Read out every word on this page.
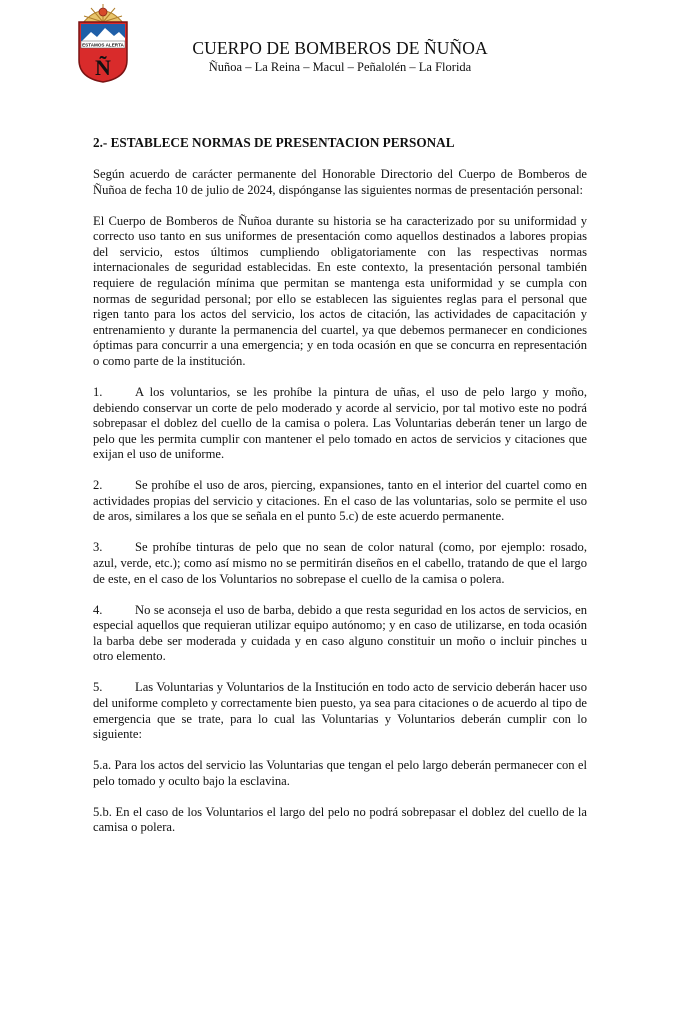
ESTAMOS ALERTA
Ñ
CUERPO DE BOMBEROS DE ÑUÑOA
Ñuñoa – La Reina – Macul – Peñalolén – La Florida
2.- ESTABLECE NORMAS DE PRESENTACION PERSONAL

Según acuerdo de carácter permanente del Honorable Directorio del Cuerpo de Bomberos de Ñuñoa de fecha 10 de julio de 2024, dispónganse las siguientes normas de presentación personal:

El Cuerpo de Bomberos de Ñuñoa durante su historia se ha caracterizado por su uniformidad y correcto uso tanto en sus uniformes de presentación como aquellos destinados a labores propias del servicio, estos últimos cumpliendo obligatoriamente con las respectivas normas internacionales de seguridad establecidas. En este contexto, la presentación personal también requiere de regulación mínima que permitan se mantenga esta uniformidad y se cumpla con normas de seguridad personal; por ello se establecen las siguientes reglas para el personal que rigen tanto para los actos del servicio, los actos de citación, las actividades de capacitación y entrenamiento y durante la permanencia del cuartel, ya que debemos permanecer en condiciones óptimas para concurrir a una emergencia; y en toda ocasión en que se concurra en representación o como parte de la institución.

1.	A los voluntarios, se les prohíbe la pintura de uñas, el uso de pelo largo y moño, debiendo conservar un corte de pelo moderado y acorde al servicio, por tal motivo este no podrá sobrepasar el doblez del cuello de la camisa o polera. Las Voluntarias deberán tener un largo de pelo que les permita cumplir con mantener el pelo tomado en actos de servicios y citaciones que exijan el uso de uniforme.

2.	Se prohíbe el uso de aros, piercing, expansiones, tanto en el interior del cuartel como en actividades propias del servicio y citaciones. En el caso de las voluntarias, solo se permite el uso de aros, similares a los que se señala en el punto 5.c) de este acuerdo permanente.

3.	Se prohíbe tinturas de pelo que no sean de color natural (como, por ejemplo: rosado, azul, verde, etc.); como así mismo no se permitirán diseños en el cabello, tratando de que el largo de este, en el caso de los Voluntarios no sobrepase el cuello de la camisa o polera.

4.	No se aconseja el uso de barba, debido a que resta seguridad en los actos de servicios, en especial aquellos que requieran utilizar equipo autónomo; y en caso de utilizarse, en toda ocasión la barba debe ser moderada y cuidada y en caso alguno constituir un moño o incluir pinches u otro elemento.

5.	Las Voluntarias y Voluntarios de la Institución en todo acto de servicio deberán hacer uso del uniforme completo y correctamente bien puesto, ya sea para citaciones o de acuerdo al tipo de emergencia que se trate, para lo cual las Voluntarias y Voluntarios deberán cumplir con lo siguiente:

5.a. Para los actos del servicio las Voluntarias que tengan el pelo largo deberán permanecer con el pelo tomado y oculto bajo la esclavina.

5.b. En el caso de los Voluntarios el largo del pelo no podrá sobrepasar el doblez del cuello de la camisa o polera.
